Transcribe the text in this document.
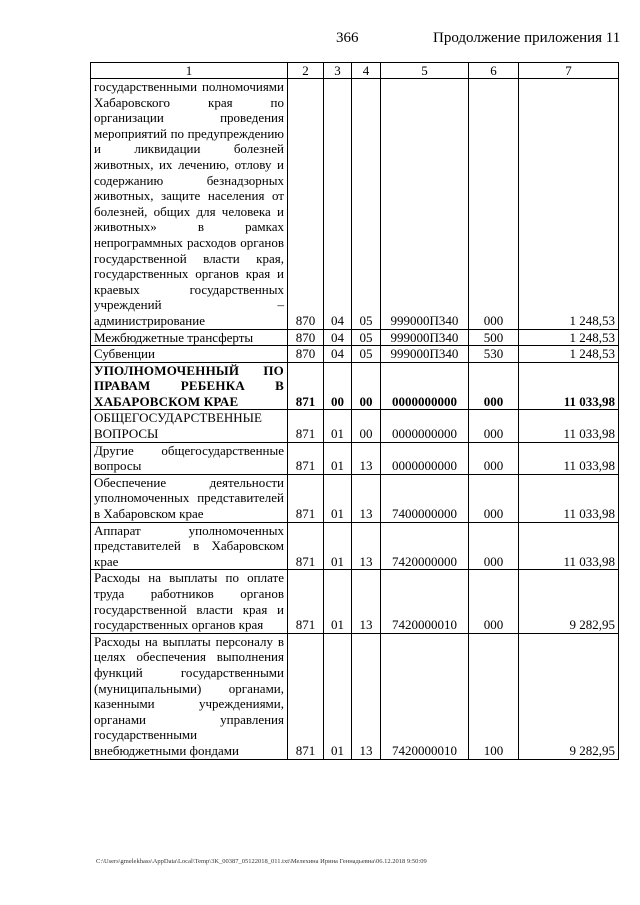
366	Продолжение приложения 11
1	2	3	4	5	6	7
государственными полномочиями Хабаровского края по организации проведения мероприятий по предупреждению и ликвидации болезней животных, их лечению, отлову и содержанию безнадзорных животных, защите населения от болезней, общих для человека и животных» в рамках непрограммных расходов органов государственной власти края, государственных органов края и краевых государственных учреждений – администрирование	870	04	05	999000П340	000	1 248,53
Межбюджетные трансферты	870	04	05	999000П340	500	1 248,53
Субвенции	870	04	05	999000П340	530	1 248,53
УПОЛНОМОЧЕННЫЙ ПО ПРАВАМ РЕБЕНКА В ХАБАРОВСКОМ КРАЕ	871	00	00	0000000000	000	11 033,98
ОБЩЕГОСУДАРСТВЕННЫЕ ВОПРОСЫ	871	01	00	0000000000	000	11 033,98
Другие общегосударственные вопросы	871	01	13	0000000000	000	11 033,98
Обеспечение деятельности уполномоченных представителей в Хабаровском крае	871	01	13	7400000000	000	11 033,98
Аппарат уполномоченных представителей в Хабаровском крае	871	01	13	7420000000	000	11 033,98
Расходы на выплаты по оплате труда работников органов государственной власти края и государственных органов края	871	01	13	7420000010	000	9 282,95
Расходы на выплаты персоналу в целях обеспечения выполнения функций государственными (муниципальными) органами, казенными учреждениями, органами управления государственными внебюджетными фондами	871	01	13	7420000010	100	9 282,95
C:\Users\gmelekhass\AppData\Local\Temp\3K_00387_05122018_011.txt\Мелехина Ирина Геннадьевна\06.12.2018 9:50:09
